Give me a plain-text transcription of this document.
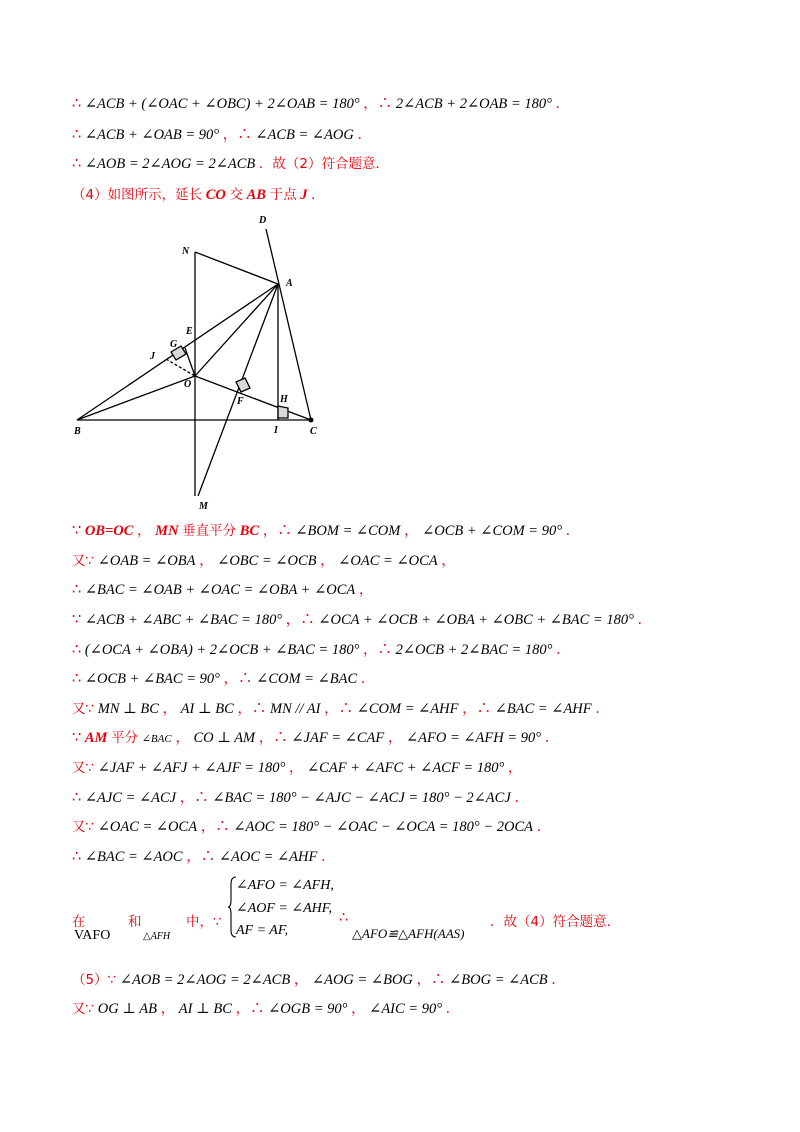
∴ ∠ACB + (∠OAC + ∠OBC) + 2∠OAB = 180° ，∴ 2∠ACB + 2∠OAB = 180° ．
∴ ∠ACB + ∠OAB = 90° ，∴ ∠ACB = ∠AOG ．
∴ ∠AOB = 2∠AOG = 2∠ACB ．故（2）符合题意．
（4）如图所示，延长 CO 交 AB 于点 J ．
D
N
A
E
G
J
O
F	H
B	I	C
M
∵ OB=OC ， MN 垂直平分 BC ，∴ ∠BOM = ∠COM ， ∠OCB + ∠COM = 90° ．
又∵ ∠OAB = ∠OBA ， ∠OBC = ∠OCB ， ∠OAC = ∠OCA ，
∴ ∠BAC = ∠OAB + ∠OAC = ∠OBA + ∠OCA ，
∵ ∠ACB + ∠ABC + ∠BAC = 180° ，∴ ∠OCA + ∠OCB + ∠OBA + ∠OBC + ∠BAC = 180° ．
∴ (∠OCA + ∠OBA) + 2∠OCB + ∠BAC = 180° ，∴ 2∠OCB + 2∠BAC = 180° ．
∴ ∠OCB + ∠BAC = 90° ，∴ ∠COM = ∠BAC ．
又∵ MN ⊥ BC ， AI ⊥ BC ，∴ MN // AI ，∴ ∠COM = ∠AHF ，∴ ∠BAC = ∠AHF ．
∵ AM 平分 ∠BAC ， CO ⊥ AM ，∴ ∠JAF = ∠CAF ， ∠AFO = ∠AFH = 90° ．
又∵ ∠JAF + ∠AFJ + ∠AJF = 180° ， ∠CAF + ∠AFC + ∠ACF = 180° ，
∴ ∠AJC = ∠ACJ ，∴ ∠BAC = 180° − ∠AJC − ∠ACJ = 180° − 2∠ACJ ．
又∵ ∠OAC = ∠OCA ，∴ ∠AOC = 180° − ∠OAC − ∠OCA = 180° − 2OCA ．
∴ ∠BAC = ∠AOC ，∴ ∠AOC = ∠AHF ．
在
VAFO
和
△AFH
中，∵
∠AFO = ∠AFH,
∠AOF = ∠AHF,
AF = AF,
∴
△AFO≌△AFH(AAS)
．故（4）符合题意．
（5）∵ ∠AOB = 2∠AOG = 2∠ACB ， ∠AOG = ∠BOG ，∴ ∠BOG = ∠ACB ．
又∵ OG ⊥ AB ， AI ⊥ BC ，∴ ∠OGB = 90° ， ∠AIC = 90° ．
